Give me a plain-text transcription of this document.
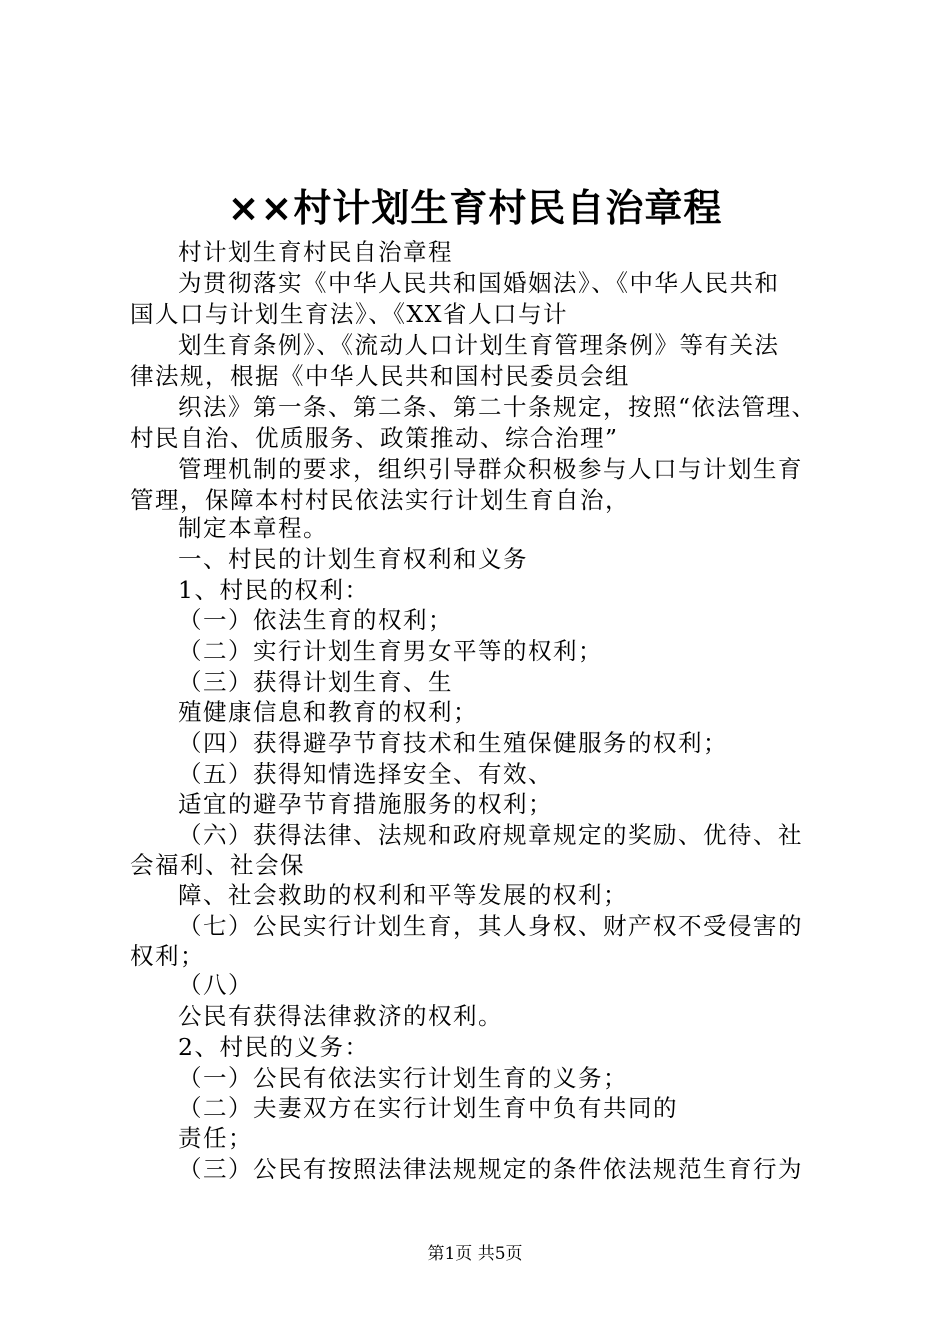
××村计划生育村民自治章程
村计划生育村民自治章程
为贯彻落实《中华人民共和国婚姻法》、《中华人民共和
国人口与计划生育法》、《XX省人口与计
划生育条例》、《流动人口计划生育管理条例》等有关法
律法规，根据《中华人民共和国村民委员会组
织法》第一条、第二条、第二十条规定，按照“依法管理、
村民自治、优质服务、政策推动、综合治理”
管理机制的要求，组织引导群众积极参与人口与计划生育
管理，保障本村村民依法实行计划生育自治，
制定本章程。
一、村民的计划生育权利和义务
1、村民的权利：
（一）依法生育的权利；
（二）实行计划生育男女平等的权利；
（三）获得计划生育、生
殖健康信息和教育的权利；
（四）获得避孕节育技术和生殖保健服务的权利；
（五）获得知情选择安全、有效、
适宜的避孕节育措施服务的权利；
（六）获得法律、法规和政府规章规定的奖励、优待、社
会福利、社会保
障、社会救助的权利和平等发展的权利；
（七）公民实行计划生育，其人身权、财产权不受侵害的
权利；
（八）
公民有获得法律救济的权利。
2、村民的义务：
（一）公民有依法实行计划生育的义务；
（二）夫妻双方在实行计划生育中负有共同的
责任；
（三）公民有按照法律法规规定的条件依法规范生育行为
第1页 共5页
